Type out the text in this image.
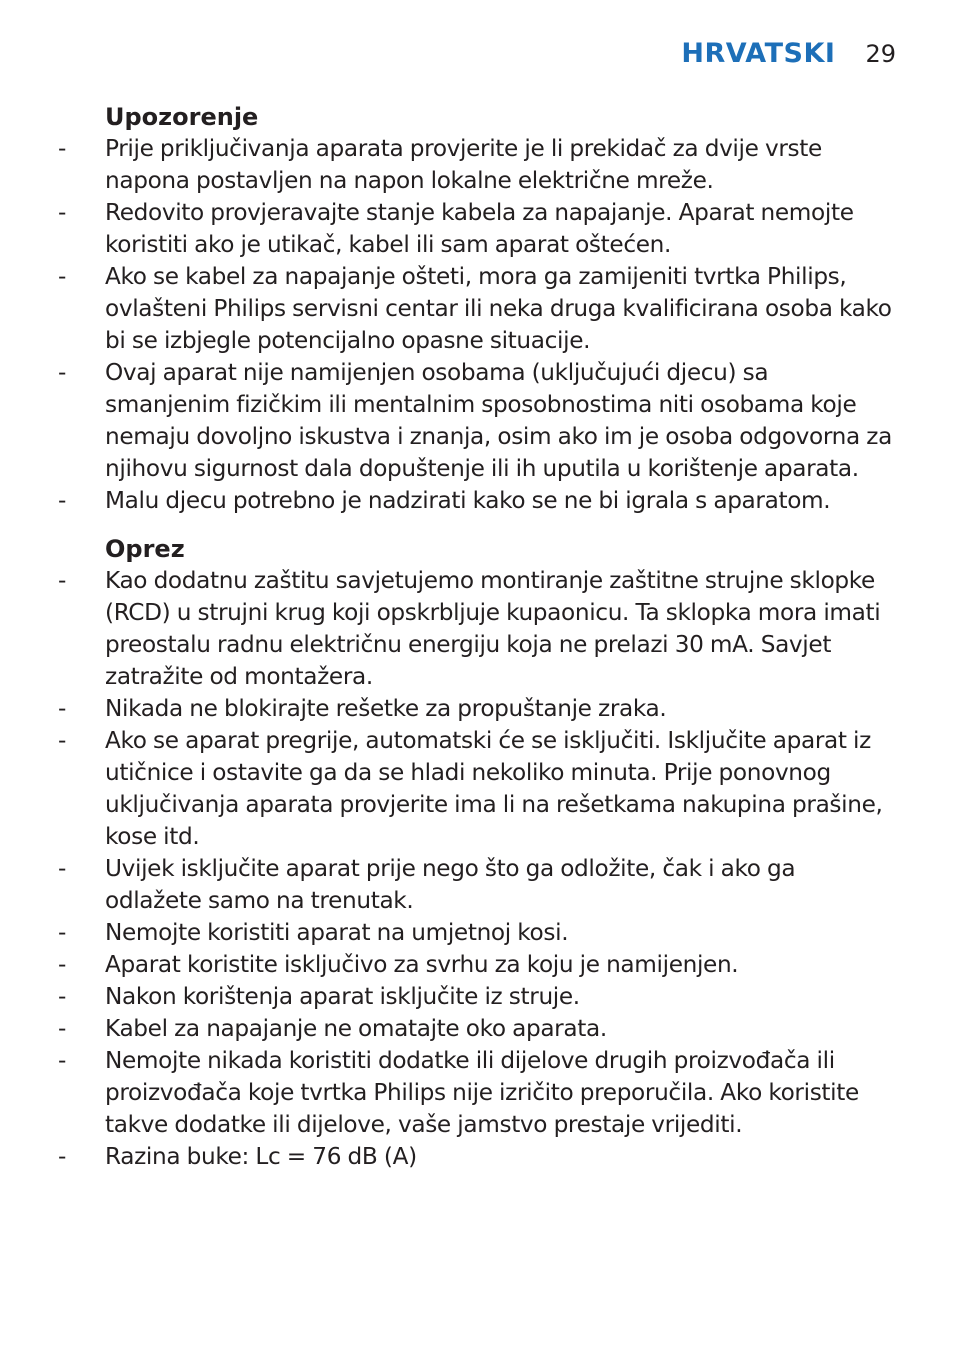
HRVATSKI 29
Upozorenje
- Prije priključivanja aparata provjerite je li prekidač za dvije vrste napona postavljen na napon lokalne električne mreže.
- Redovito provjeravajte stanje kabela za napajanje. Aparat nemojte koristiti ako je utikač, kabel ili sam aparat oštećen.
- Ako se kabel za napajanje ošteti, mora ga zamijeniti tvrtka Philips, ovlašteni Philips servisni centar ili neka druga kvalificirana osoba kako bi se izbjegle potencijalno opasne situacije.
- Ovaj aparat nije namijenjen osobama (uključujući djecu) sa smanjenim fizičkim ili mentalnim sposobnostima niti osobama koje nemaju dovoljno iskustva i znanja, osim ako im je osoba odgovorna za njihovu sigurnost dala dopuštenje ili ih uputila u korištenje aparata.
- Malu djecu potrebno je nadzirati kako se ne bi igrala s aparatom.
Oprez
- Kao dodatnu zaštitu savjetujemo montiranje zaštitne strujne sklopke (RCD) u strujni krug koji opskrbljuje kupaonicu. Ta sklopka mora imati preostalu radnu električnu energiju koja ne prelazi 30 mA. Savjet zatražite od montažera.
- Nikada ne blokirajte rešetke za propuštanje zraka.
- Ako se aparat pregrije, automatski će se isključiti. Isključite aparat iz utičnice i ostavite ga da se hladi nekoliko minuta. Prije ponovnog uključivanja aparata provjerite ima li na rešetkama nakupina prašine, kose itd.
- Uvijek isključite aparat prije nego što ga odložite, čak i ako ga odlažete samo na trenutak.
- Nemojte koristiti aparat na umjetnoj kosi.
- Aparat koristite isključivo za svrhu za koju je namijenjen.
- Nakon korištenja aparat isključite iz struje.
- Kabel za napajanje ne omatajte oko aparata.
- Nemojte nikada koristiti dodatke ili dijelove drugih proizvođača ili proizvođača koje tvrtka Philips nije izričito preporučila. Ako koristite takve dodatke ili dijelove, vaše jamstvo prestaje vrijediti.
- Razina buke: Lc = 76 dB (A)
